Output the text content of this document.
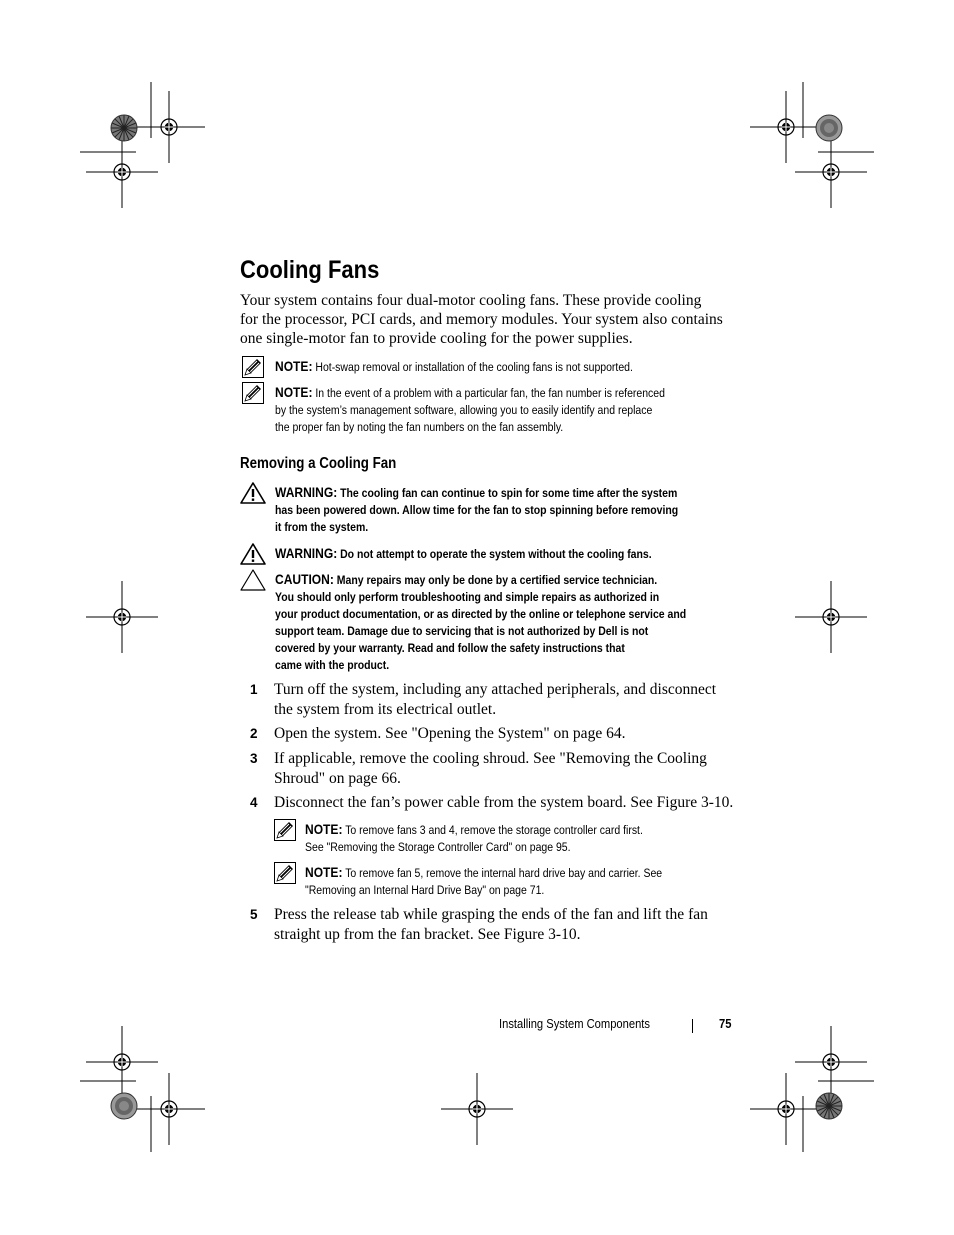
Cooling Fans
Your system contains four dual-motor cooling fans. These provide cooling
for the processor, PCI cards, and memory modules. Your system also contains
one single-motor fan to provide cooling for the power supplies.
NOTE: Hot-swap removal or installation of the cooling fans is not supported.
NOTE: In the event of a problem with a particular fan, the fan number is referenced
by the system’s management software, allowing you to easily identify and replace
the proper fan by noting the fan numbers on the fan assembly.
Removing a Cooling Fan
WARNING: The cooling fan can continue to spin for some time after the system
has been powered down. Allow time for the fan to stop spinning before removing
it from the system.
WARNING: Do not attempt to operate the system without the cooling fans.
CAUTION: Many repairs may only be done by a certified service technician.
You should only perform troubleshooting and simple repairs as authorized in
your product documentation, or as directed by the online or telephone service and
support team. Damage due to servicing that is not authorized by Dell is not
covered by your warranty. Read and follow the safety instructions that
came with the product.
1 Turn off the system, including any attached peripherals, and disconnect
the system from its electrical outlet.
2 Open the system. See "Opening the System" on page 64.
3 If applicable, remove the cooling shroud. See "Removing the Cooling
Shroud" on page 66.
4 Disconnect the fan’s power cable from the system board. See Figure 3-10.
NOTE: To remove fans 3 and 4, remove the storage controller card first.
See "Removing the Storage Controller Card" on page 95.
NOTE: To remove fan 5, remove the internal hard drive bay and carrier. See
"Removing an Internal Hard Drive Bay" on page 71.
5 Press the release tab while grasping the ends of the fan and lift the fan
straight up from the fan bracket. See Figure 3-10.
Installing System Components	75
